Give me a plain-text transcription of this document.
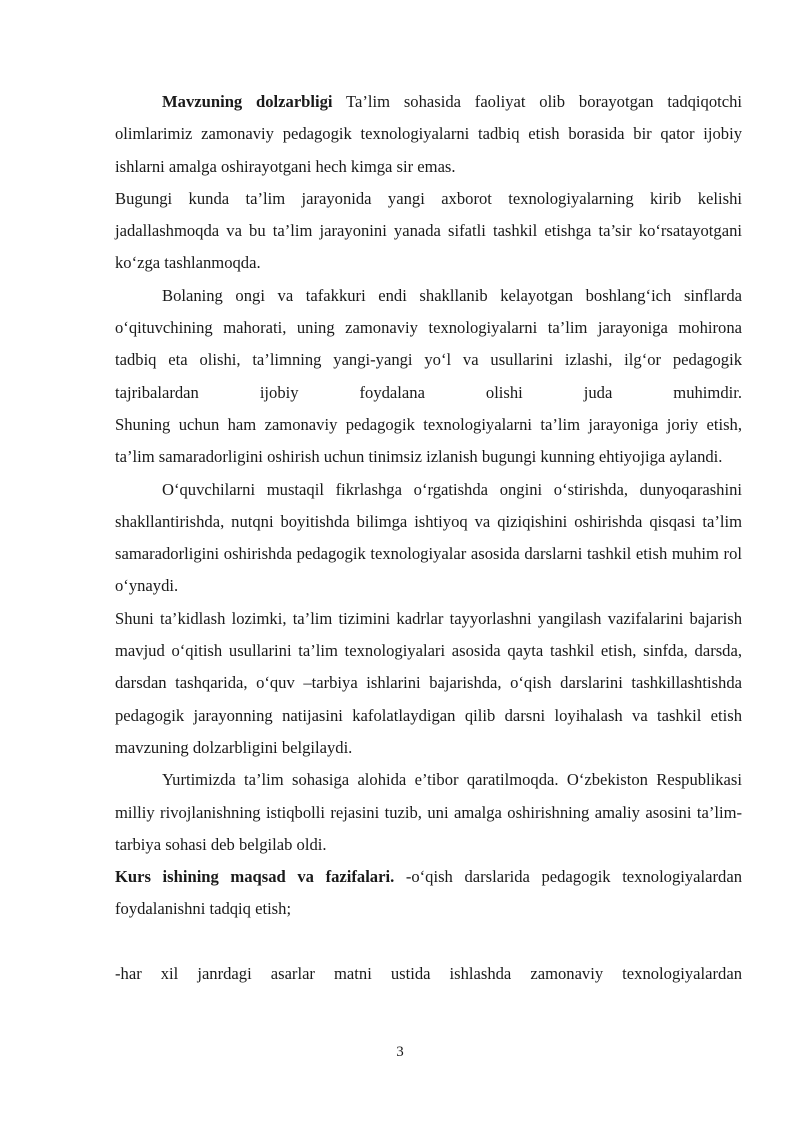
Mavzuning dolzarbligi Ta’lim sohasida faoliyat olib borayotgan tadqiqotchi olimlarimiz zamonaviy pedagogik texnologiyalarni tadbiq etish borasida bir qator ijobiy ishlarni amalga oshirayotgani hech kimga sir emas.

Bugungi kunda ta’lim jarayonida yangi axborot texnologiyalarning kirib kelishi jadallashmoqda va bu ta’lim jarayonini yanada sifatli tashkil etishga ta’sir ko‘rsatayotgani ko‘zga tashlanmoqda.

Bolaning ongi va tafakkuri endi shakllanib kelayotgan boshlang‘ich sinflarda o‘qituvchining mahorati, uning zamonaviy texnologiyalarni ta’lim jarayoniga mohirona tadbiq eta olishi, ta’limning yangi-yangi yo‘l va usullarini izlashi, ilg‘or pedagogik tajribalardan ijobiy foydalana olishi juda muhimdir.

Shuning uchun ham zamonaviy pedagogik texnologiyalarni ta’lim jarayoniga joriy etish, ta’lim samaradorligini oshirish uchun tinimsiz izlanish bugungi kunning ehtiyojiga aylandi.

O‘quvchilarni mustaqil fikrlashga o‘rgatishda ongini o‘stirishda, dunyoqarashini shakllantirishda, nutqni boyitishda bilimga ishtiyoq va qiziqishini oshirishda qisqasi ta’lim samaradorligini oshirishda pedagogik texnologiyalar asosida darslarni tashkil etish muhim rol o‘ynaydi.

Shuni ta’kidlash lozimki, ta’lim tizimini kadrlar tayyorlashni yangilash vazifalarini bajarish mavjud o‘qitish usullarini ta’lim texnologiyalari asosida qayta tashkil etish, sinfda, darsda, darsdan tashqarida, o‘quv –tarbiya ishlarini bajarishda, o‘qish darslarini tashkillashtishda pedagogik jarayonning natijasini kafolatlaydigan qilib darsni loyihalash va tashkil etish mavzuning dolzarbligini belgilaydi.

Yurtimizda ta’lim sohasiga alohida e’tibor qaratilmoqda. O‘zbekiston Respublikasi milliy rivojlanishning istiqbolli rejasini tuzib, uni amalga oshirishning amaliy asosini ta’lim-tarbiya sohasi deb belgilab oldi.

Kurs ishining maqsad va fazifalari. -o‘qish darslarida pedagogik texnologiyalardan foydalanishni tadqiq etish;

-har xil janrdagi asarlar matni ustida ishlashda zamonaviy texnologiyalardan

3
